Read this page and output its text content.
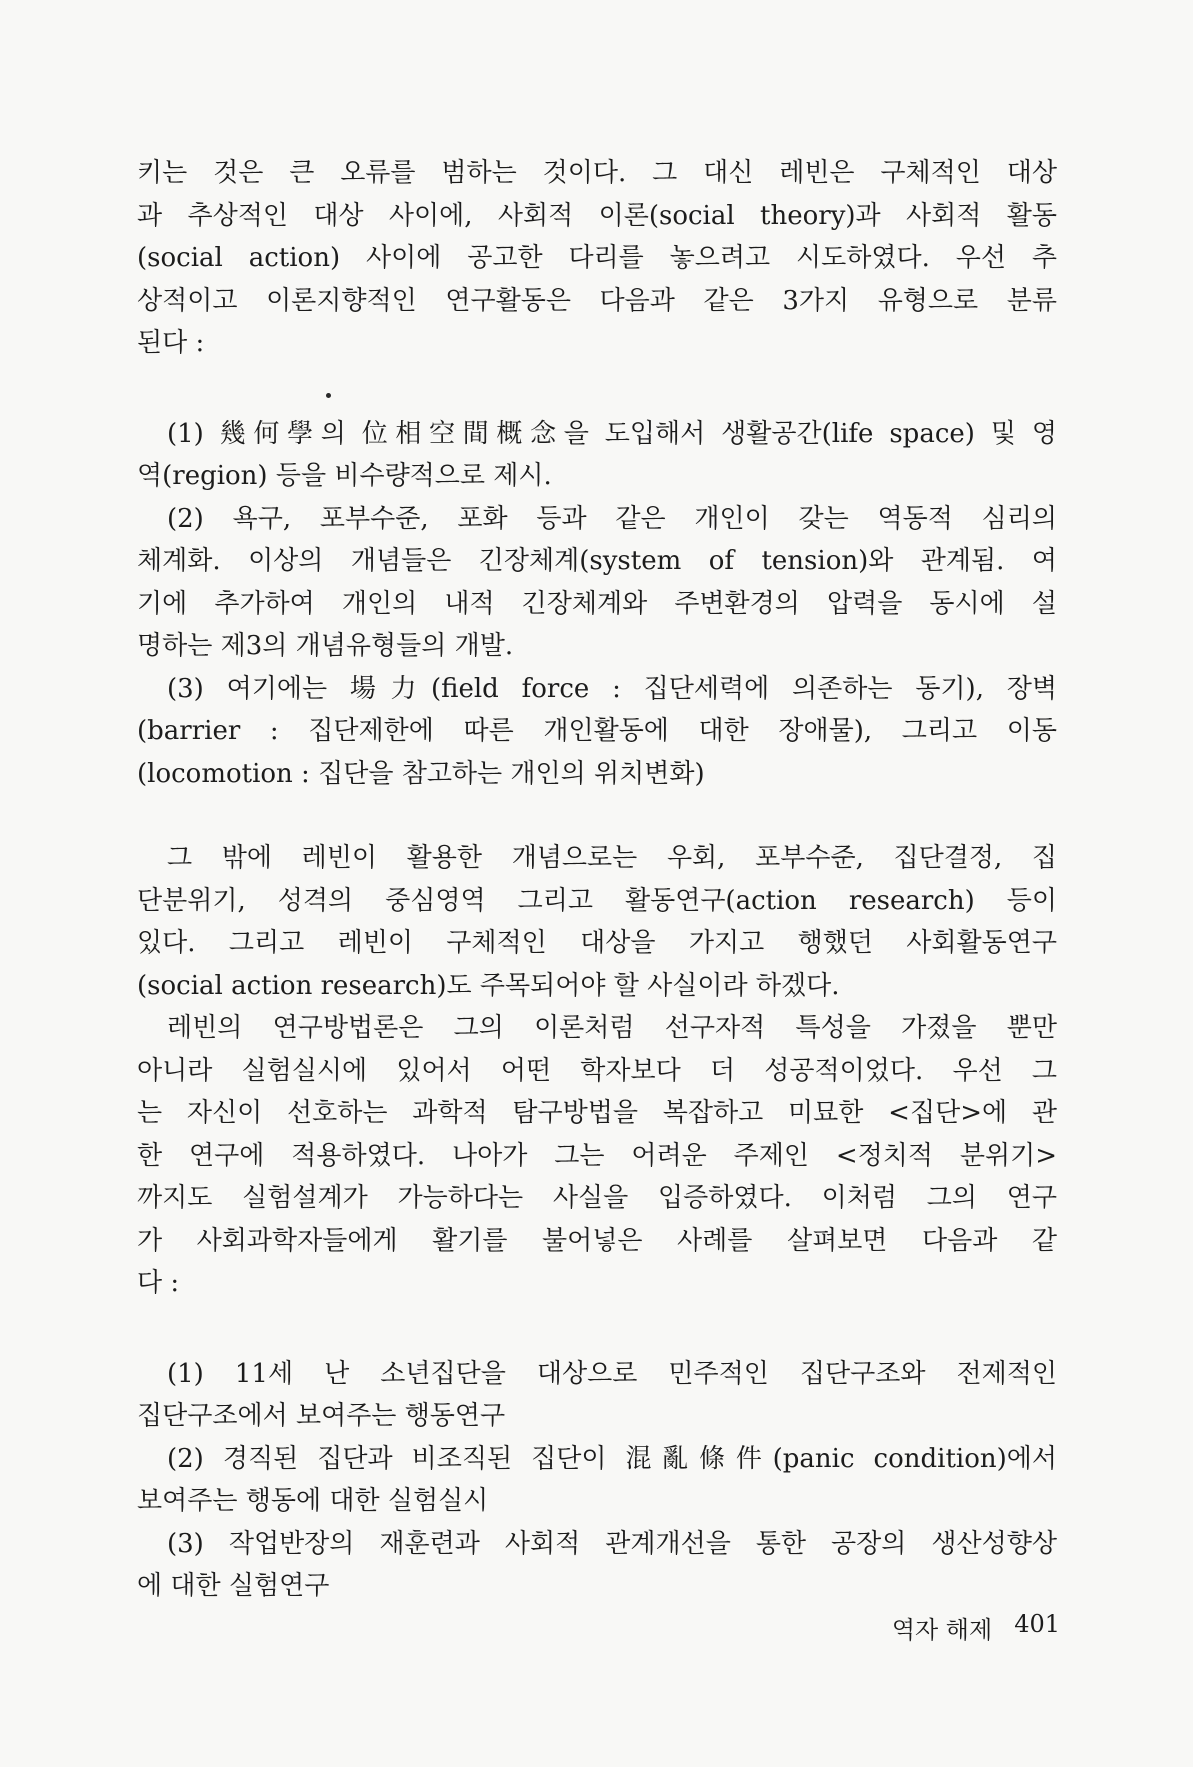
키는 것은 큰 오류를 범하는 것이다. 그 대신 레빈은 구체적인 대상

과 추상적인 대상 사이에, 사회적 이론(social theory)과 사회적 활동

(social action) 사이에 공고한 다리를 놓으려고 시도하였다. 우선 추

상적이고 이론지향적인 연구활동은 다음과 같은 3가지 유형으로 분류

된다 :

(1) 幾何學의 位相空間概念을 도입해서 생활공간(life space) 및 영

역(region) 등을 비수량적으로 제시.

(2) 욕구, 포부수준, 포화 등과 같은 개인이 갖는 역동적 심리의

체계화. 이상의 개념들은 긴장체계(system of tension)와 관계됨. 여

기에 추가하여 개인의 내적 긴장체계와 주변환경의 압력을 동시에 설

명하는 제3의 개념유형들의 개발.

(3) 여기에는 場力(field force : 집단세력에 의존하는 동기), 장벽

(barrier : 집단제한에 따른 개인활동에 대한 장애물), 그리고 이동

(locomotion : 집단을 참고하는 개인의 위치변화)

그 밖에 레빈이 활용한 개념으로는 우회, 포부수준, 집단결정, 집

단분위기, 성격의 중심영역 그리고 활동연구(action research) 등이

있다. 그리고 레빈이 구체적인 대상을 가지고 행했던 사회활동연구

(social action research)도 주목되어야 할 사실이라 하겠다.

레빈의 연구방법론은 그의 이론처럼 선구자적 특성을 가졌을 뿐만

아니라 실험실시에 있어서 어떤 학자보다 더 성공적이었다. 우선 그

는 자신이 선호하는 과학적 탐구방법을 복잡하고 미묘한 <집단>에 관

한 연구에 적용하였다. 나아가 그는 어려운 주제인 <정치적 분위기>

까지도 실험설계가 가능하다는 사실을 입증하였다. 이처럼 그의 연구

가 사회과학자들에게 활기를 불어넣은 사례를 살펴보면 다음과 같

다 :

(1) 11세 난 소년집단을 대상으로 민주적인 집단구조와 전제적인

집단구조에서 보여주는 행동연구

(2) 경직된 집단과 비조직된 집단이 混亂條件(panic condition)에서

보여주는 행동에 대한 실험실시

(3) 작업반장의 재훈련과 사회적 관계개선을 통한 공장의 생산성향상

에 대한 실험연구

역자 해제 401
